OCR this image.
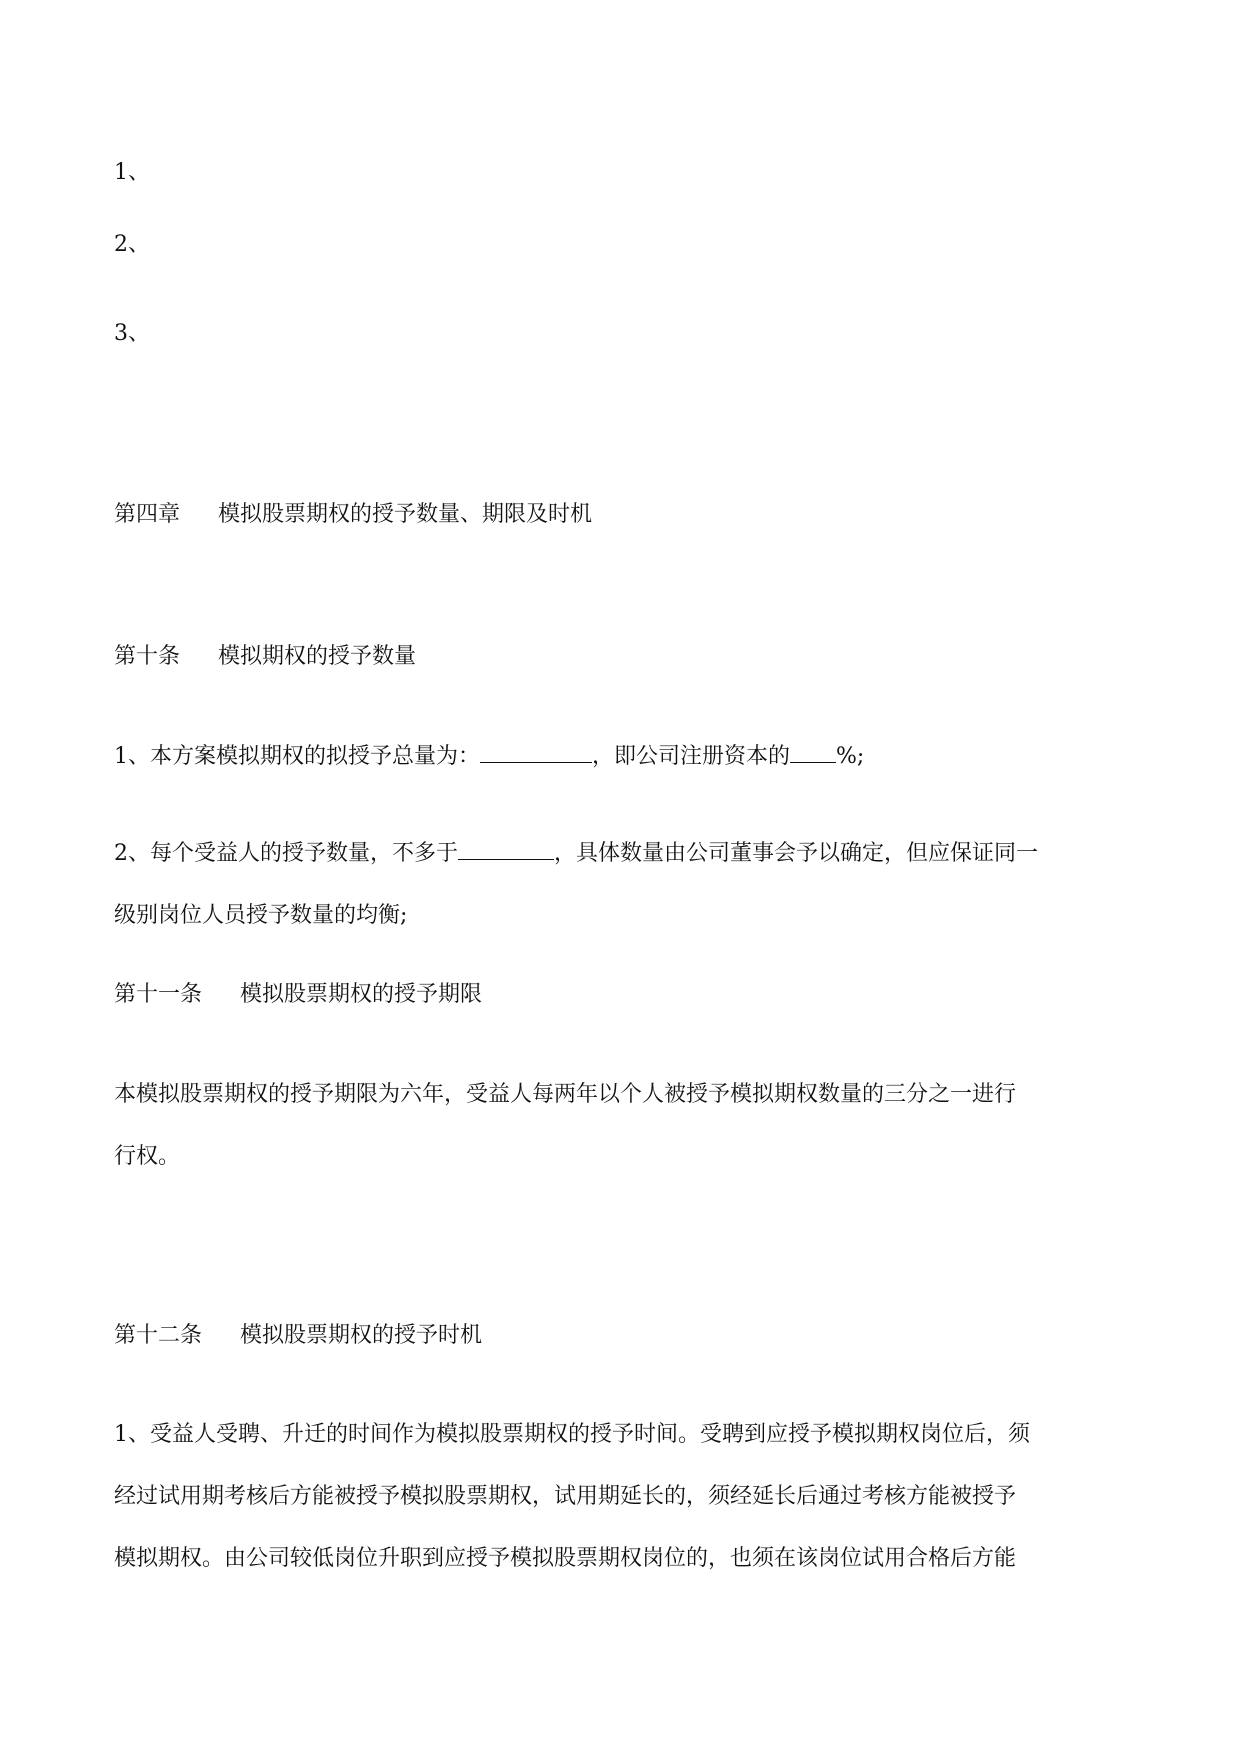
1、
2、
3、
第四章 模拟股票期权的授予数量、期限及时机
第十条 模拟期权的授予数量
1、本方案模拟期权的拟授予总量为：	，即公司注册资本的 %;
2、每个受益人的授予数量，不多于	，具体数量由公司董事会予以确定，但应保证同一
级别岗位人员授予数量的均衡;
第十一条 模拟股票期权的授予期限
本模拟股票期权的授予期限为六年，受益人每两年以个人被授予模拟期权数量的三分之一进行
行权。
第十二条 模拟股票期权的授予时机
1、受益人受聘、升迁的时间作为模拟股票期权的授予时间。受聘到应授予模拟期权岗位后，须
经过试用期考核后方能被授予模拟股票期权，试用期延长的，须经延长后通过考核方能被授予
模拟期权。由公司较低岗位升职到应授予模拟股票期权岗位的，也须在该岗位试用合格后方能
